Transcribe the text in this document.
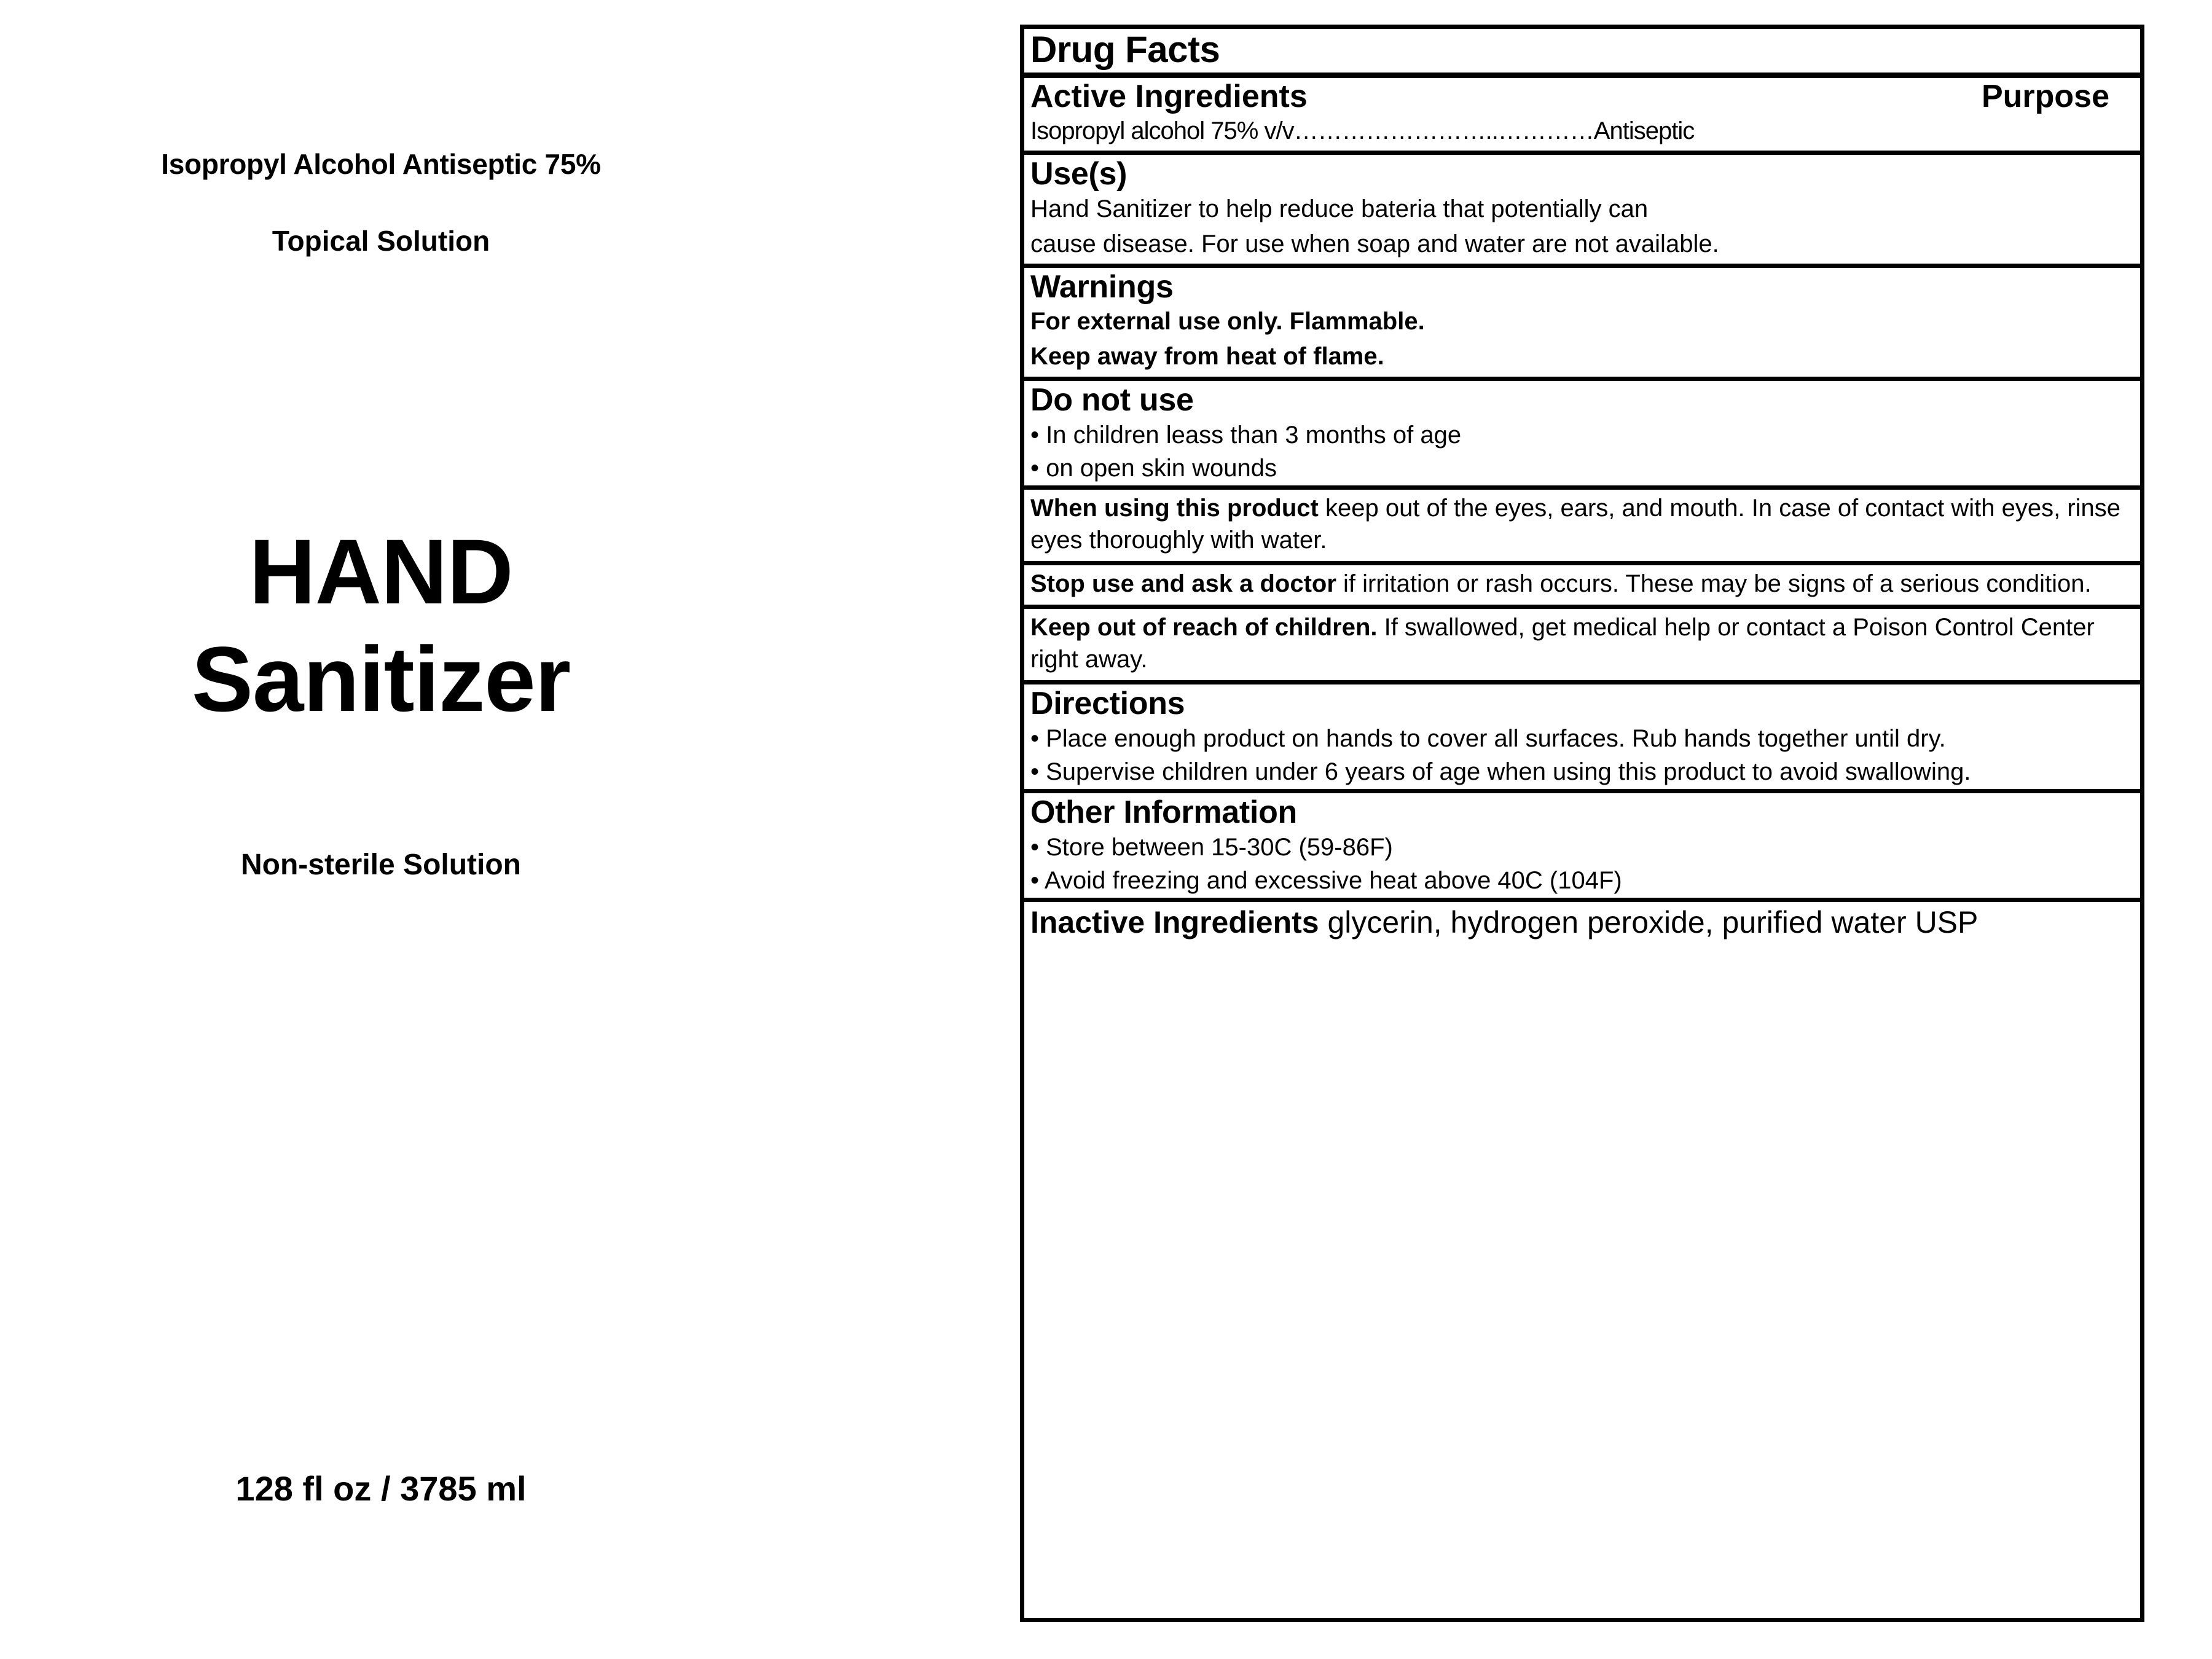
Isopropyl Alcohol Antiseptic 75%
Topical Solution
HAND
Sanitizer
Non-sterile Solution
128 fl oz / 3785 ml
Drug Facts
Active Ingredients	Purpose
Isopropyl alcohol 75% v/v……………………..…………Antiseptic
Use(s)
Hand Sanitizer to help reduce bateria that potentially can
cause disease. For use when soap and water are not available.
Warnings
For external use only. Flammable.
Keep away from heat of flame.
Do not use
• In children leass than 3 months of age
• on open skin wounds
When using this product keep out of the eyes, ears, and mouth. In case of contact with eyes, rinse eyes thoroughly with water.
Stop use and ask a doctor if irritation or rash occurs. These may be signs of a serious condition.
Keep out of reach of children. If swallowed, get medical help or contact a Poison Control Center right away.
Directions
• Place enough product on hands to cover all surfaces. Rub hands together until dry.
• Supervise children under 6 years of age when using this product to avoid swallowing.
Other Information
• Store between 15-30C (59-86F)
• Avoid freezing and excessive heat above 40C (104F)
Inactive Ingredients glycerin, hydrogen peroxide, purified water USP
